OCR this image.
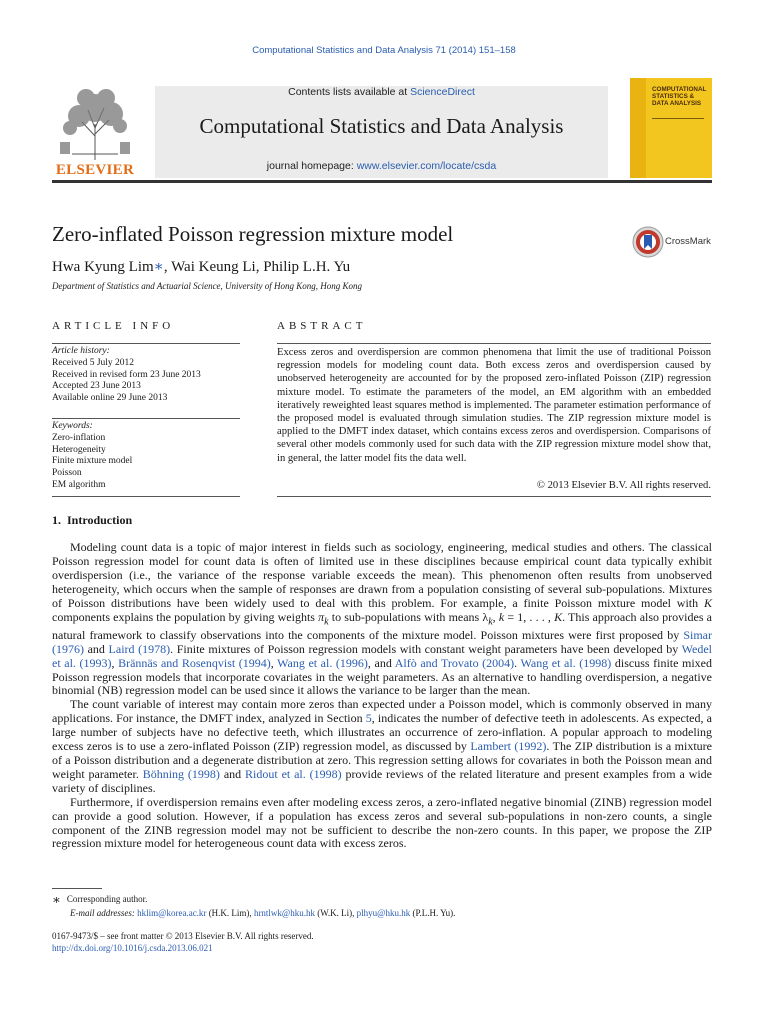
Computational Statistics and Data Analysis 71 (2014) 151–158
ELSEVIER
Contents lists available at ScienceDirect
Computational Statistics and Data Analysis
journal homepage: www.elsevier.com/locate/csda
COMPUTATIONAL STATISTICS & DATA ANALYSIS
Zero-inflated Poisson regression mixture model	CrossMark
Hwa Kyung Lim∗, Wai Keung Li, Philip L.H. Yu
Department of Statistics and Actuarial Science, University of Hong Kong, Hong Kong
ARTICLE INFO	ABSTRACT
Article history:
Received 5 July 2012
Received in revised form 23 June 2013
Accepted 23 June 2013
Available online 29 June 2013
Keywords:
Zero-inflation
Heterogeneity
Finite mixture model
Poisson
EM algorithm
Excess zeros and overdispersion are common phenomena that limit the use of traditional Poisson regression models for modeling count data. Both excess zeros and overdispersion caused by unobserved heterogeneity are accounted for by the proposed zero-inflated Poisson (ZIP) regression mixture model. To estimate the parameters of the model, an EM algorithm with an embedded iteratively reweighted least squares method is implemented. The parameter estimation performance of the proposed model is evaluated through simulation studies. The ZIP regression mixture model is applied to the DMFT index dataset, which contains excess zeros and overdispersion. Comparisons of several other models commonly used for such data with the ZIP regression mixture model show that, in general, the latter model fits the data well.
© 2013 Elsevier B.V. All rights reserved.
1. Introduction

Modeling count data is a topic of major interest in fields such as sociology, engineering, medical studies and others. The classical Poisson regression model for count data is often of limited use in these disciplines because empirical count data typically exhibit overdispersion (i.e., the variance of the response variable exceeds the mean). This phenomenon often results from unobserved heterogeneity, which occurs when the sample of responses are drawn from a population consisting of several sub-populations. Mixtures of Poisson distributions have been widely used to deal with this problem. For example, a finite Poisson mixture model with K components explains the population by giving weights $\pi_k$ to sub-populations with means $\lambda_k$, k = 1, . . . , K. This approach also provides a natural framework to classify observations into the components of the mixture model. Poisson mixtures were first proposed by Simar (1976) and Laird (1978). Finite mixtures of Poisson regression models with constant weight parameters have been developed by Wedel et al. (1993), Brännäs and Rosenqvist (1994), Wang et al. (1996), and Alfò and Trovato (2004). Wang et al. (1998) discuss finite mixed Poisson regression models that incorporate covariates in the weight parameters. As an alternative to handling overdispersion, a negative binomial (NB) regression model can be used since it allows the variance to be larger than the mean.

The count variable of interest may contain more zeros than expected under a Poisson model, which is commonly observed in many applications. For instance, the DMFT index, analyzed in Section 5, indicates the number of defective teeth in adolescents. As expected, a large number of subjects have no defective teeth, which illustrates an occurrence of zero-inflation. A popular approach to modeling excess zeros is to use a zero-inflated Poisson (ZIP) regression model, as discussed by Lambert (1992). The ZIP distribution is a mixture of a Poisson distribution and a degenerate distribution at zero. This regression setting allows for covariates in both the Poisson mean and weight parameter. Böhning (1998) and Ridout et al. (1998) provide reviews of the related literature and present examples from a wide variety of disciplines.

Furthermore, if overdispersion remains even after modeling excess zeros, a zero-inflated negative binomial (ZINB) regression model can provide a good solution. However, if a population has excess zeros and several sub-populations in non-zero counts, a single component of the ZINB regression model may not be sufficient to describe the non-zero counts. In this paper, we propose the ZIP regression mixture model for heterogeneous count data with excess zeros.

∗ Corresponding author.
E-mail addresses: hklim@korea.ac.kr (H.K. Lim), hrntlwk@hku.hk (W.K. Li), plhyu@hku.hk (P.L.H. Yu).
0167-9473/$ – see front matter © 2013 Elsevier B.V. All rights reserved.
http://dx.doi.org/10.1016/j.csda.2013.06.021
